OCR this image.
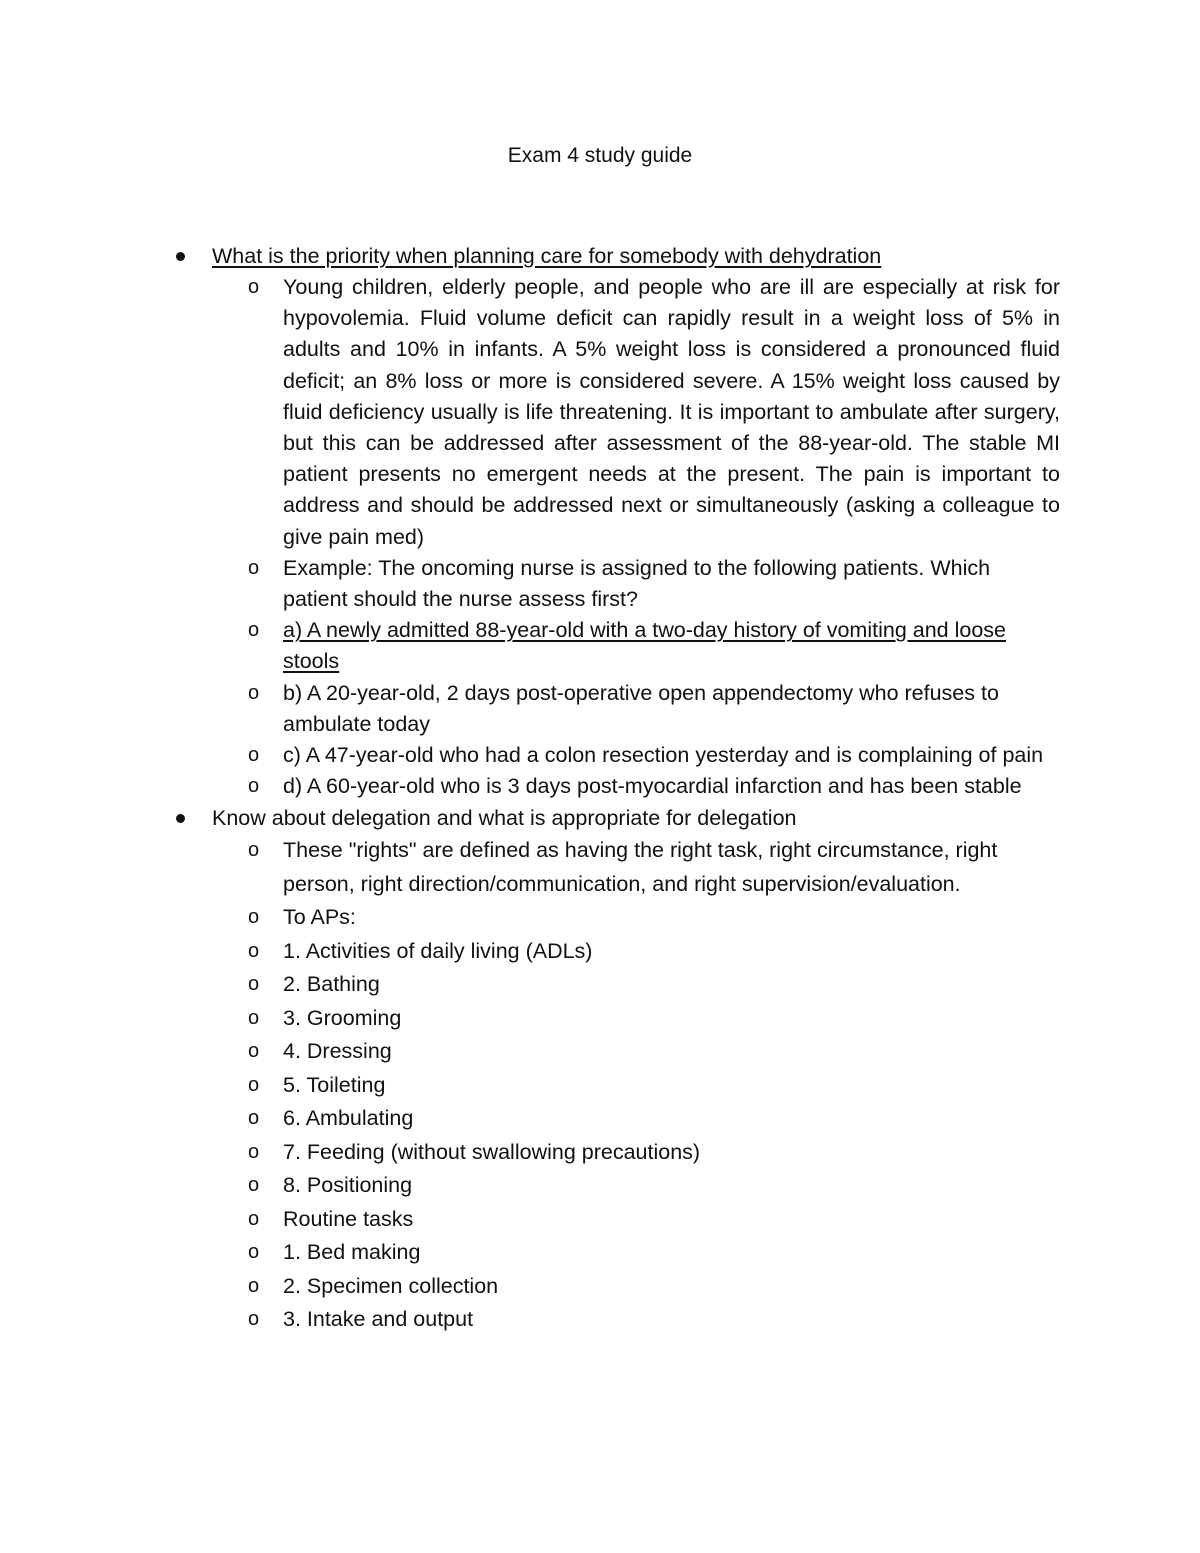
Exam 4 study guide
What is the priority when planning care for somebody with dehydration
o Young children, elderly people, and people who are ill are especially at risk for hypovolemia. Fluid volume deficit can rapidly result in a weight loss of 5% in adults and 10% in infants. A 5% weight loss is considered a pronounced fluid deficit; an 8% loss or more is considered severe. A 15% weight loss caused by fluid deficiency usually is life threatening. It is important to ambulate after surgery, but this can be addressed after assessment of the 88-year-old. The stable MI patient presents no emergent needs at the present. The pain is important to address and should be addressed next or simultaneously (asking a colleague to give pain med)
o Example: The oncoming nurse is assigned to the following patients. Which patient should the nurse assess first?
o a) A newly admitted 88-year-old with a two-day history of vomiting and loose stools
o b) A 20-year-old, 2 days post-operative open appendectomy who refuses to ambulate today
o c) A 47-year-old who had a colon resection yesterday and is complaining of pain
o d) A 60-year-old who is 3 days post-myocardial infarction and has been stable
Know about delegation and what is appropriate for delegation
o These "rights" are defined as having the right task, right circumstance, right person, right direction/communication, and right supervision/evaluation.
o To APs:
o 1. Activities of daily living (ADLs)
o 2. Bathing
o 3. Grooming
o 4. Dressing
o 5. Toileting
o 6. Ambulating
o 7. Feeding (without swallowing precautions)
o 8. Positioning
o Routine tasks
o 1. Bed making
o 2. Specimen collection
o 3. Intake and output
